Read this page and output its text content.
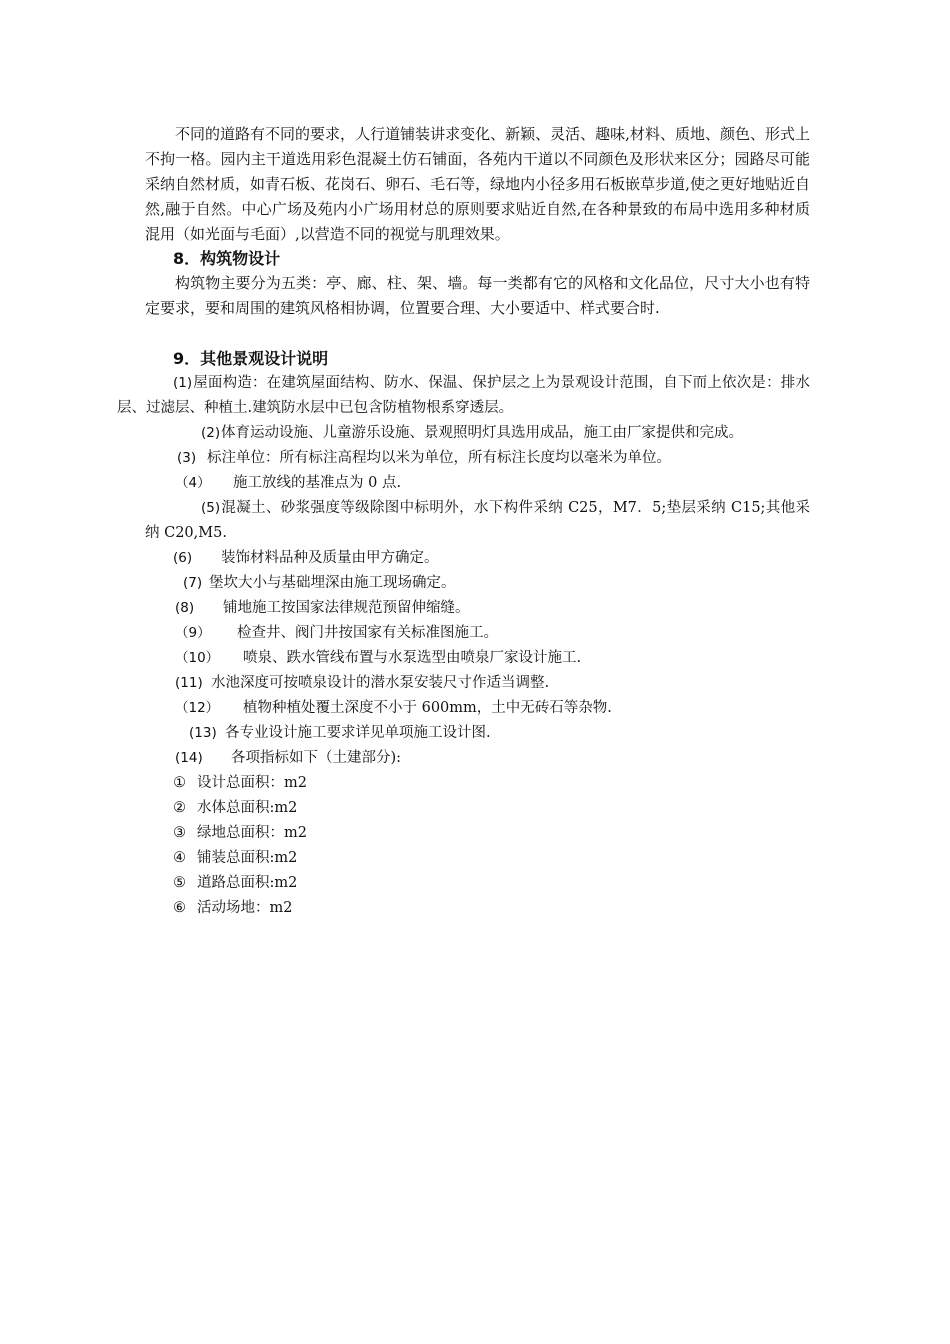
不同的道路有不同的要求，人行道铺装讲求变化、新颖、灵活、趣味,材料、质地、颜色、形式上不拘一格。园内主干道选用彩色混凝土仿石铺面，各苑内干道以不同颜色及形状来区分；园路尽可能采纳自然材质，如青石板、花岗石、卵石、毛石等，绿地内小径多用石板嵌草步道,使之更好地贴近自然,融于自然。中心广场及苑内小广场用材总的原则要求贴近自然,在各种景致的布局中选用多种材质混用（如光面与毛面）,以营造不同的视觉与肌理效果。

8．构筑物设计

构筑物主要分为五类：亭、廊、柱、架、墙。每一类都有它的风格和文化品位，尺寸大小也有特定要求，要和周围的建筑风格相协调，位置要合理、大小要适中、样式要合时.

9．其他景观设计说明

(1)屋面构造：在建筑屋面结构、防水、保温、保护层之上为景观设计范围，自下而上依次是：排水层、过滤层、种植土.建筑防水层中已包含防植物根系穿透层。

(2)体育运动设施、儿童游乐设施、景观照明灯具选用成品，施工由厂家提供和完成。

(3) 标注单位：所有标注高程均以米为单位，所有标注长度均以毫米为单位。

（4） 施工放线的基准点为 0 点.

(5)混凝土、砂浆强度等级除图中标明外，水下构件采纳 C25，M7．5;垫层采纳 C15;其他采纳 C20,M5.

(6) 装饰材料品种及质量由甲方确定。

(7) 堡坎大小与基础埋深由施工现场确定。

(8) 铺地施工按国家法律规范预留伸缩缝。

（9） 检查井、阀门井按国家有关标准图施工。

（10） 喷泉、跌水管线布置与水泵选型由喷泉厂家设计施工.

(11) 水池深度可按喷泉设计的潜水泵安装尺寸作适当调整.

（12） 植物种植处覆土深度不小于 600mm，土中无砖石等杂物.

(13) 各专业设计施工要求详见单项施工设计图.

(14) 各项指标如下（土建部分):

① 设计总面积：m2

② 水体总面积:m2

③ 绿地总面积：m2

④ 铺装总面积:m2

⑤ 道路总面积:m2

⑥ 活动场地：m2
